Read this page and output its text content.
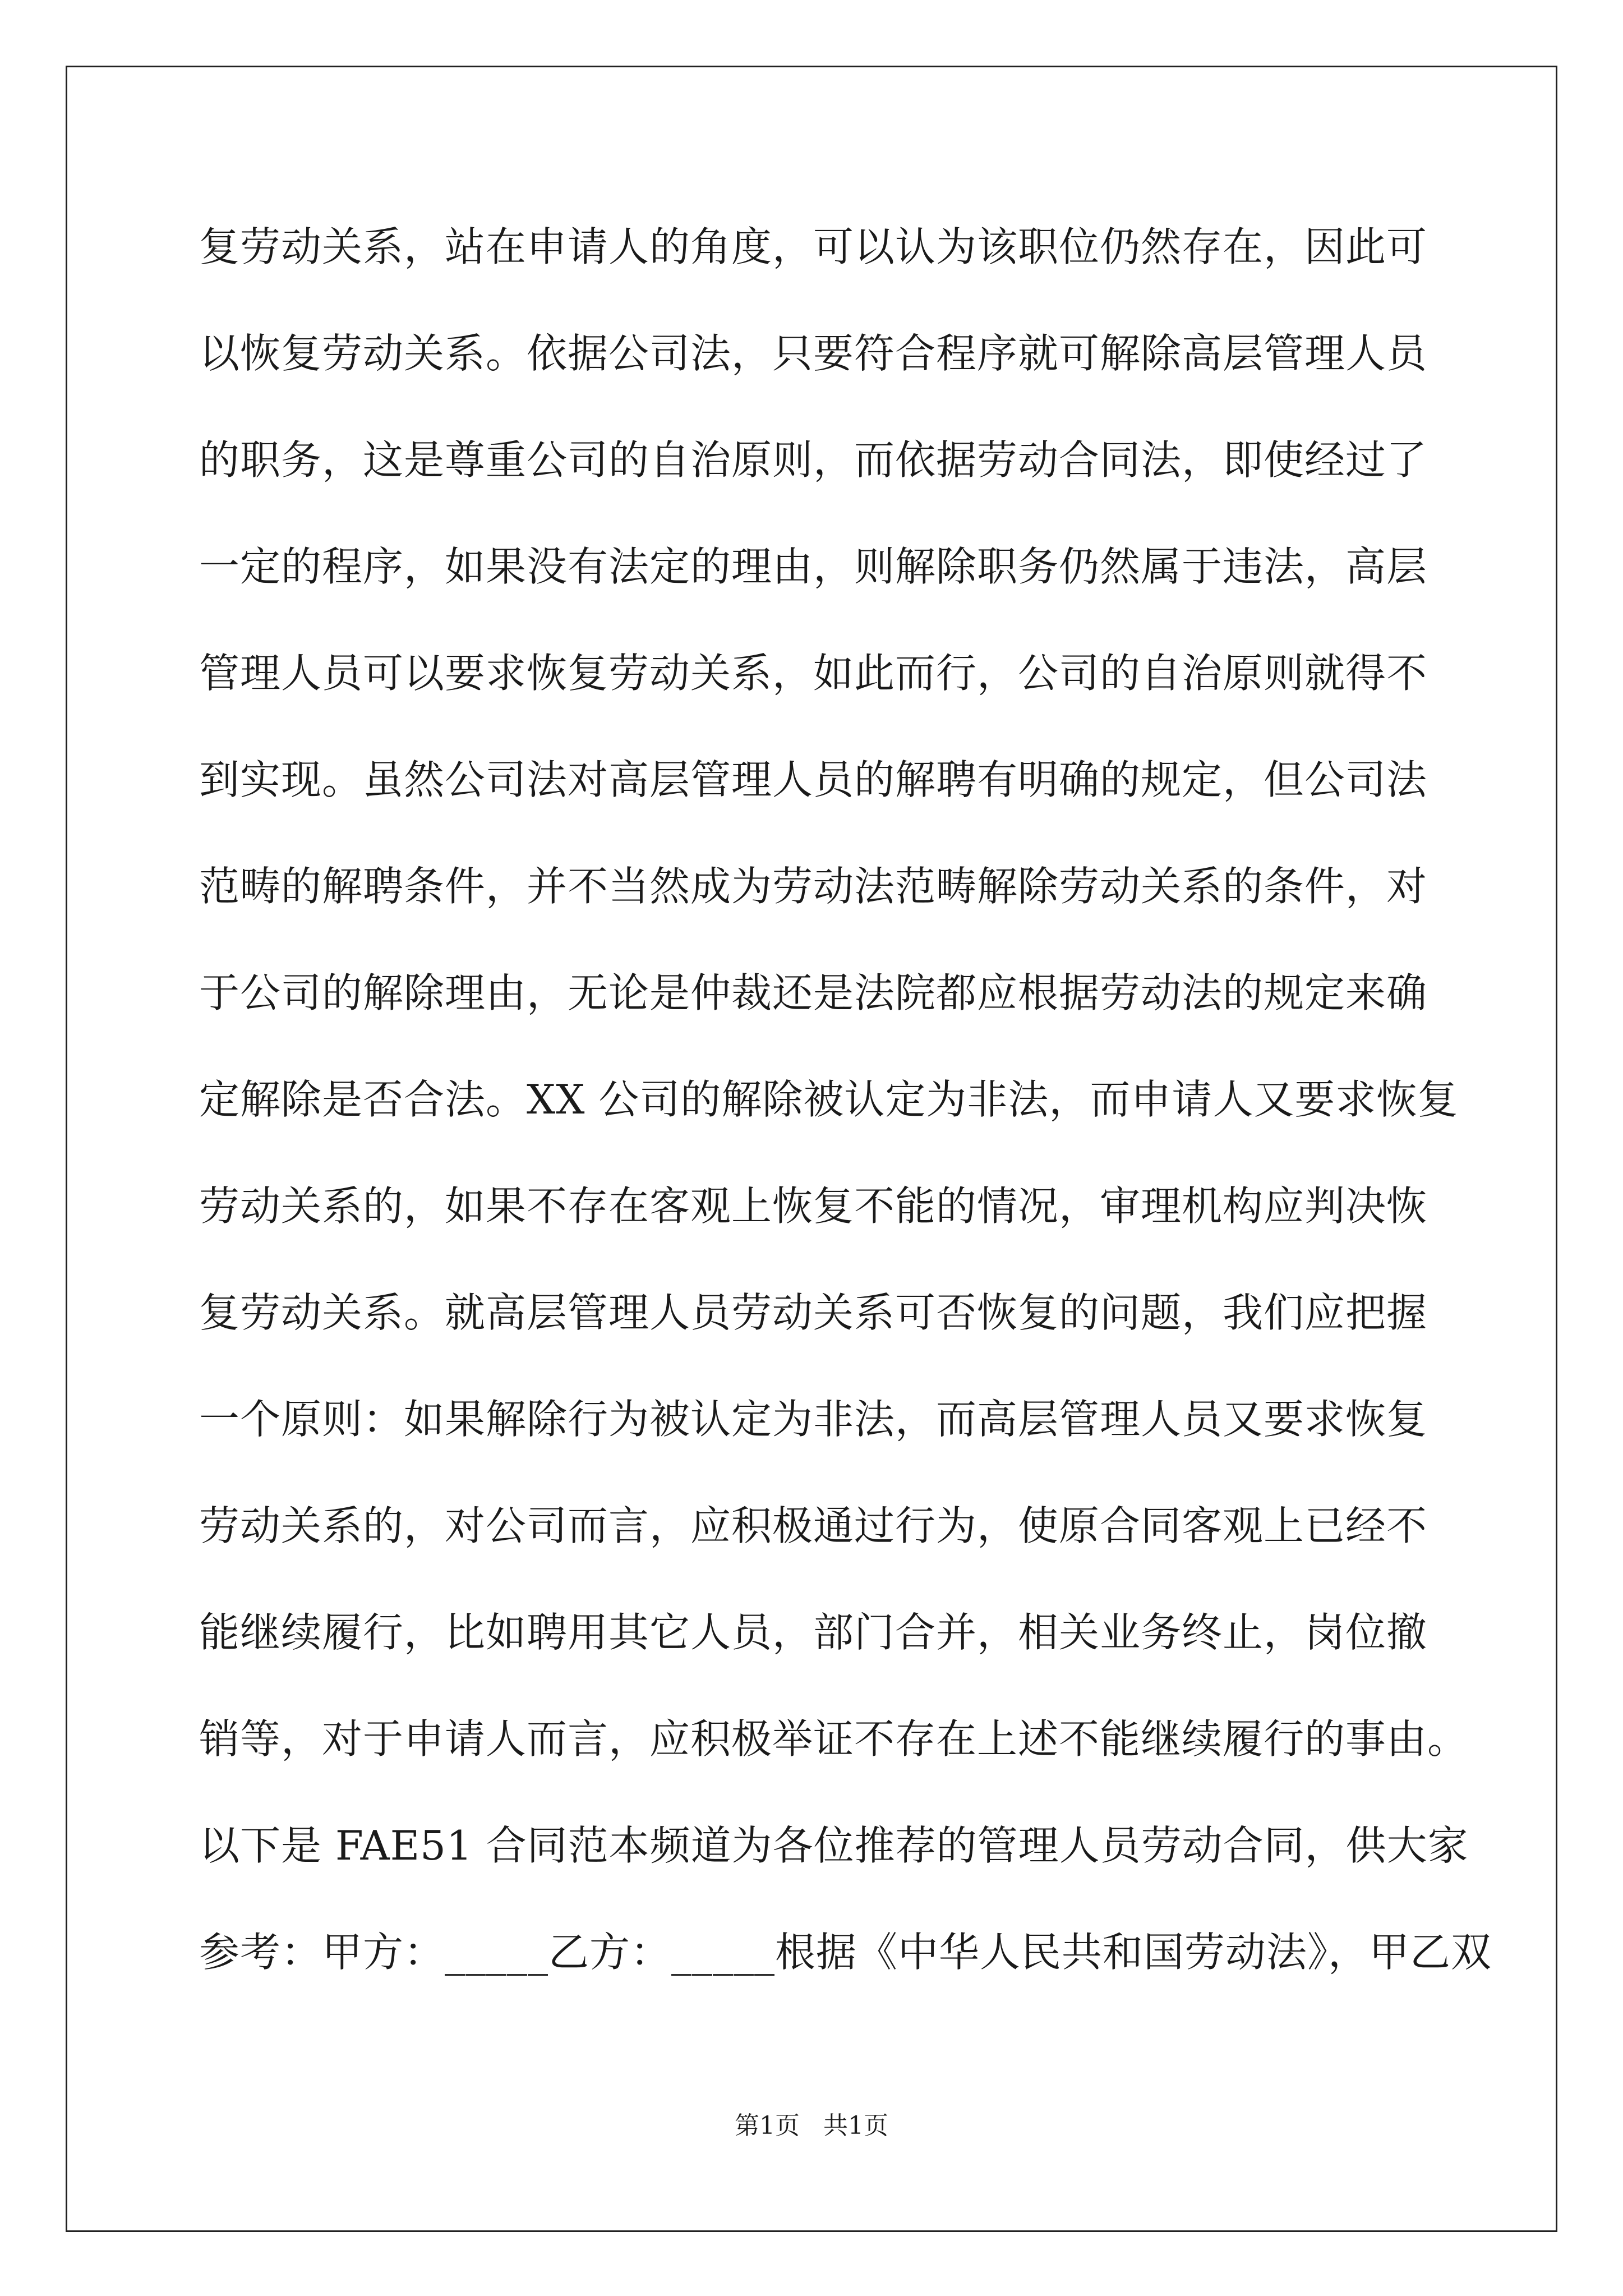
复劳动关系，站在申请人的角度，可以认为该职位仍然存在，因此可
以恢复劳动关系。依据公司法，只要符合程序就可解除高层管理人员
的职务，这是尊重公司的自治原则，而依据劳动合同法，即使经过了
一定的程序，如果没有法定的理由，则解除职务仍然属于违法，高层
管理人员可以要求恢复劳动关系，如此而行，公司的自治原则就得不
到实现。虽然公司法对高层管理人员的解聘有明确的规定，但公司法
范畴的解聘条件，并不当然成为劳动法范畴解除劳动关系的条件，对
于公司的解除理由，无论是仲裁还是法院都应根据劳动法的规定来确
定解除是否合法。XX 公司的解除被认定为非法，而申请人又要求恢复
劳动关系的，如果不存在客观上恢复不能的情况，审理机构应判决恢
复劳动关系。就高层管理人员劳动关系可否恢复的问题，我们应把握
一个原则：如果解除行为被认定为非法，而高层管理人员又要求恢复
劳动关系的，对公司而言，应积极通过行为，使原合同客观上已经不
能继续履行，比如聘用其它人员，部门合并，相关业务终止，岗位撤
销等，对于申请人而言，应积极举证不存在上述不能继续履行的事由。
以下是 FAE51 合同范本频道为各位推荐的管理人员劳动合同，供大家
参考：甲方：_____乙方：_____根据《中华人民共和国劳动法》，甲乙双
第1页   共1页
